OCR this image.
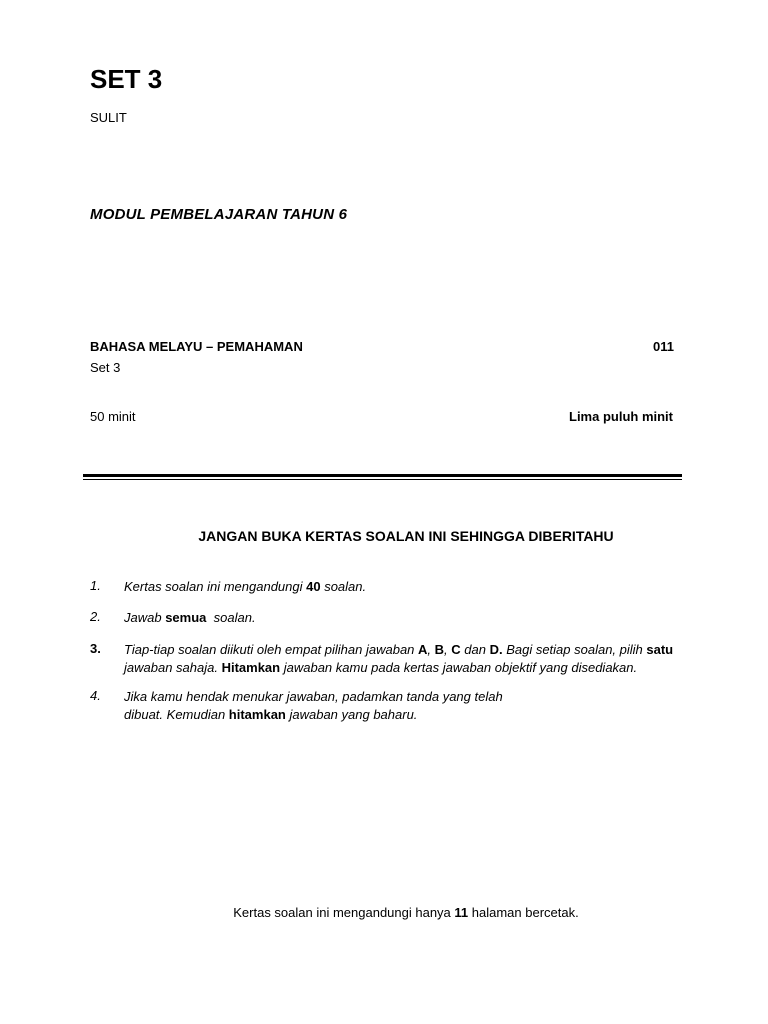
SET 3
SULIT
MODUL PEMBELAJARAN TAHUN 6
BAHASA MELAYU – PEMAHAMAN	011
Set 3
50 minit	Lima puluh minit
JANGAN BUKA KERTAS SOALAN INI SEHINGGA DIBERITAHU
1. Kertas soalan ini mengandungi 40 soalan.
2. Jawab semua  soalan.
3. Tiap-tiap soalan diikuti oleh empat pilihan jawaban A, B, C dan D. Bagi setiap soalan, pilih satu
jawaban sahaja. Hitamkan jawaban kamu pada kertas jawaban objektif yang disediakan.
4. Jika kamu hendak menukar jawaban, padamkan tanda yang telah
dibuat. Kemudian hitamkan jawaban yang baharu.
Kertas soalan ini mengandungi hanya 11 halaman bercetak.
